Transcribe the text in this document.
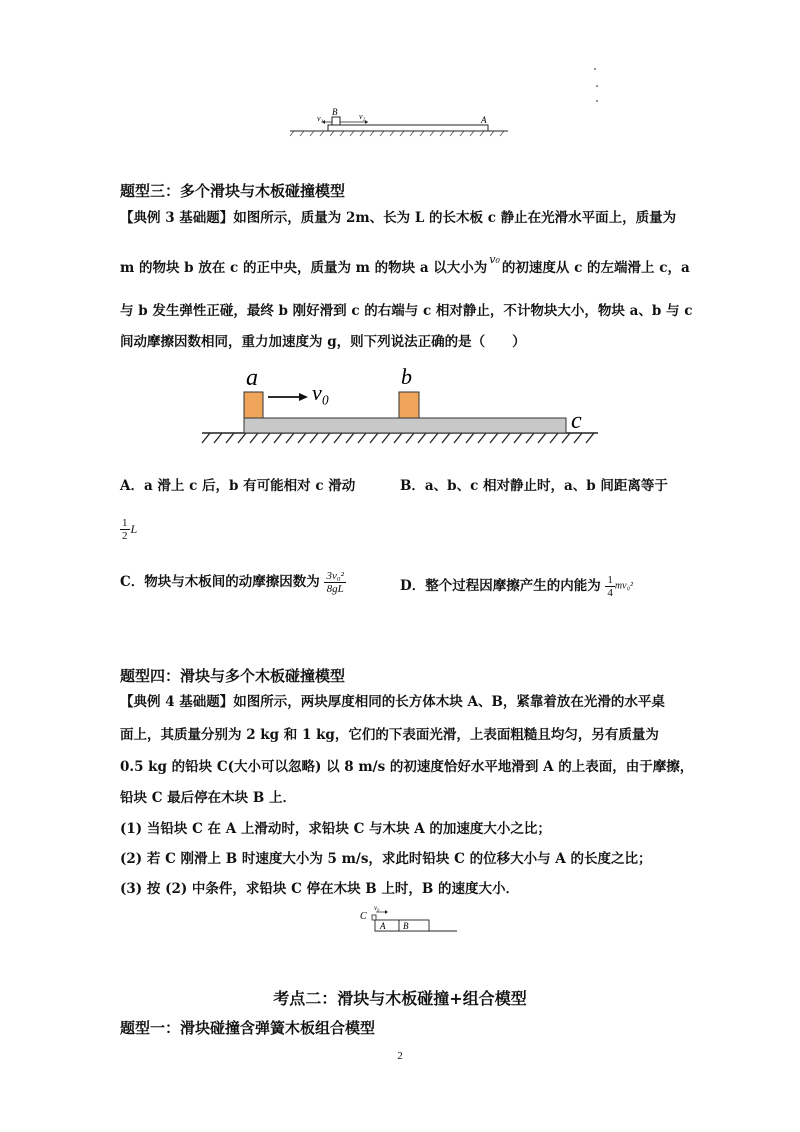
v₁
B	v₂	A
题型三：多个滑块与木板碰撞模型
【典例 3 基础题】如图所示，质量为 2m、长为 L 的长木板 c 静止在光滑水平面上，质量为
m 的物块 b 放在 c 的正中央，质量为 m 的物块 a 以大小为$^{v_0}$的初速度从 c 的左端滑上 c，a
与 b 发生弹性正碰，最终 b 刚好滑到 c 的右端与 c 相对静止，不计物块大小，物块 a、b 与 c
间动摩擦因数相同，重力加速度为 g，则下列说法正确的是（　　）
a
v₀
b
c
A．a 滑上 c 后，b 有可能相对 c 滑动	B．a、b、c 相对静止时，a、b 间距离等于
$\frac{1}{2}$ L
C．物块与木板间的动摩擦因数为 $\frac{\text{3v₀²}}{8gL}$	D．整个过程因摩擦产生的内能为 $\frac{1}{4} mv_0^2$
题型四：滑块与多个木板碰撞模型
【典例 4 基础题】如图所示，两块厚度相同的长方体木块 A、B，紧靠着放在光滑的水平桌
面上，其质量分别为 2 kg 和 1 kg，它们的下表面光滑，上表面粗糙且均匀，另有质量为
0.5 kg 的铅块 C(大小可以忽略) 以 8 m/s 的初速度恰好水平地滑到 A 的上表面，由于摩擦，
铅块 C 最后停在木块 B 上．
(1) 当铅块 C 在 A 上滑动时，求铅块 C 与木块 A 的加速度大小之比；
(2) 若 C 刚滑上 B 时速度大小为 5 m/s，求此时铅块 C 的位移大小与 A 的长度之比；
(3) 按 (2) 中条件，求铅块 C 停在木块 B 上时，B 的速度大小．
C
v₀
A B
考点二：滑块与木板碰撞+组合模型
题型一：滑块碰撞含弹簧木板组合模型
2
